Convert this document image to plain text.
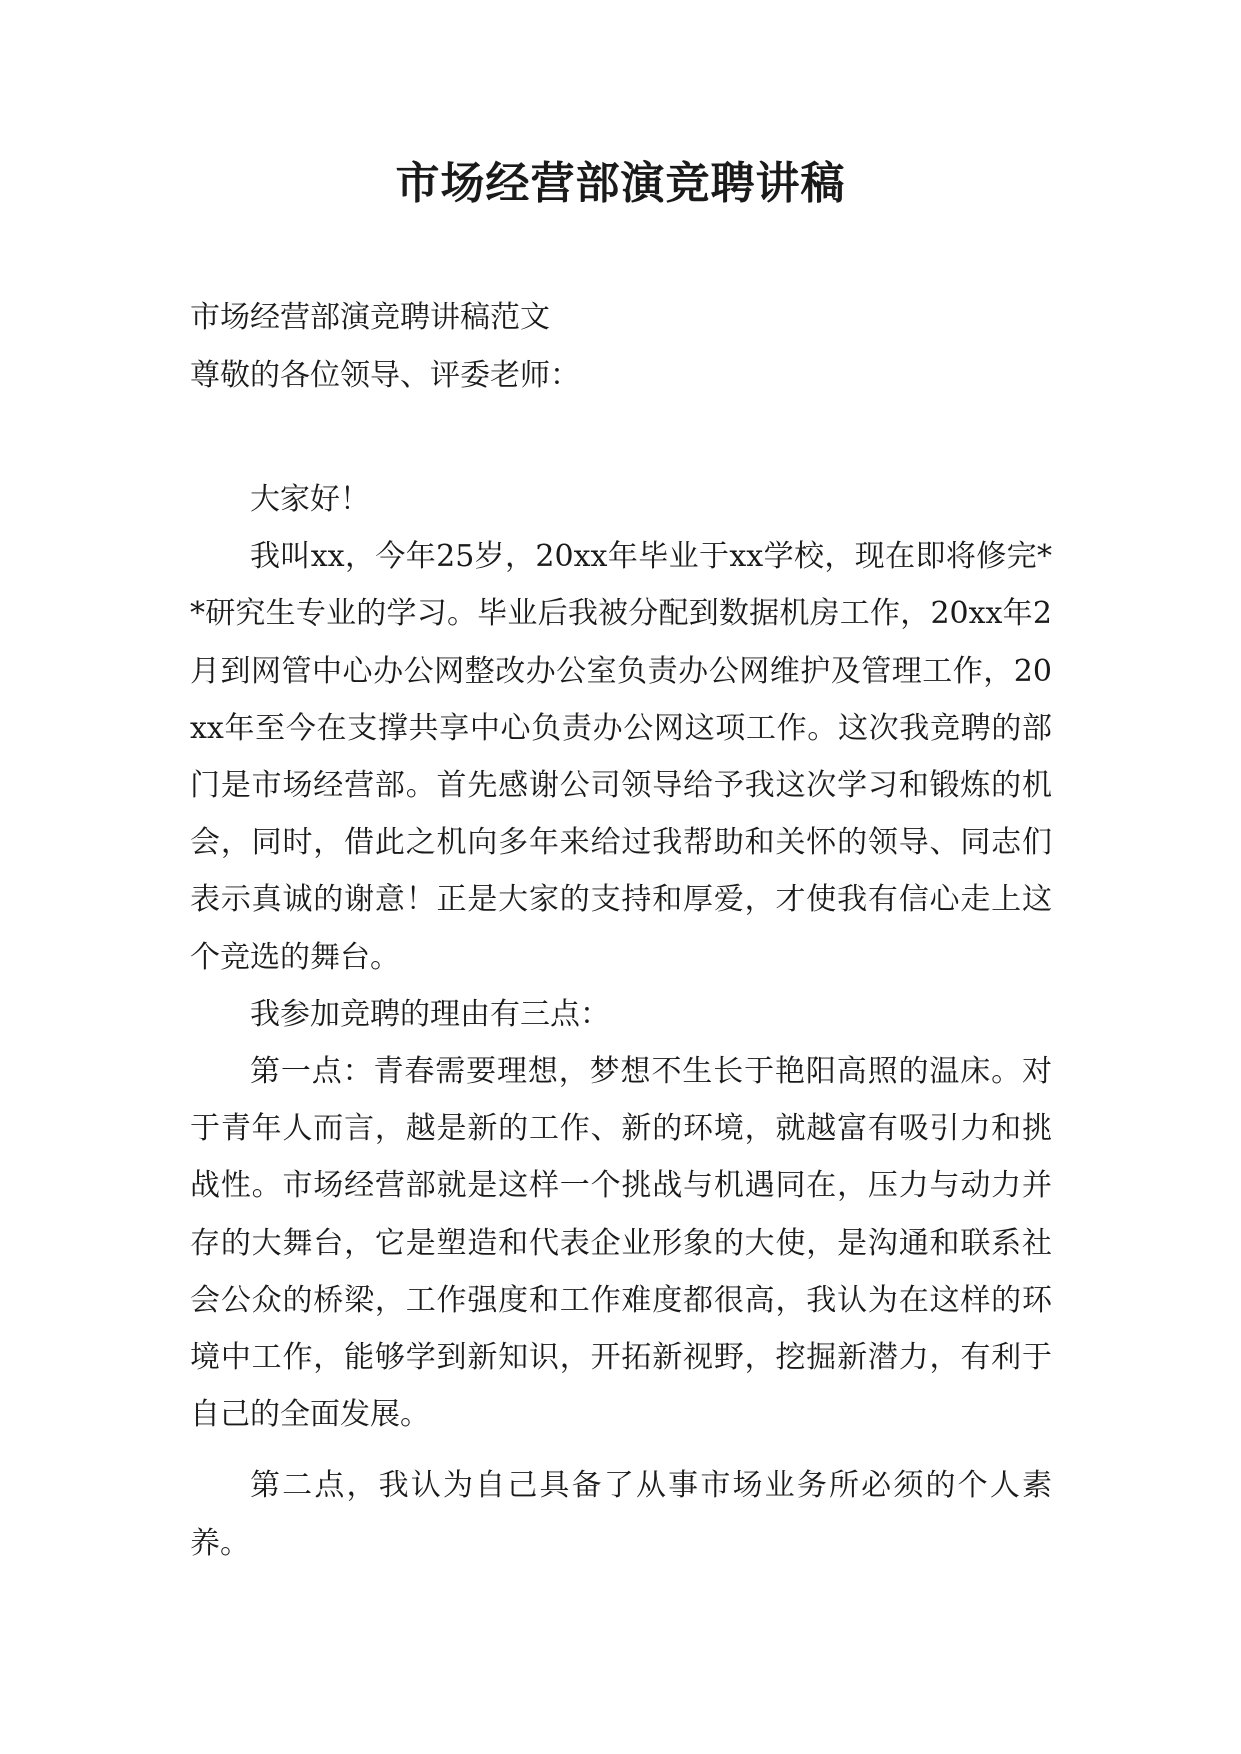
市场经营部演竞聘讲稿

市场经营部演竞聘讲稿范文

尊敬的各位领导、评委老师：

大家好！

我叫xx，今年25岁，20xx年毕业于xx学校，现在即将修完**研究生专业的学习。毕业后我被分配到数据机房工作，20xx年2月到网管中心办公网整改办公室负责办公网维护及管理工作，20xx年至今在支撑共享中心负责办公网这项工作。这次我竞聘的部门是市场经营部。首先感谢公司领导给予我这次学习和锻炼的机会，同时，借此之机向多年来给过我帮助和关怀的领导、同志们表示真诚的谢意！正是大家的支持和厚爱，才使我有信心走上这个竞选的舞台。

我参加竞聘的理由有三点：

第一点：青春需要理想，梦想不生长于艳阳高照的温床。对于青年人而言，越是新的工作、新的环境，就越富有吸引力和挑战性。市场经营部就是这样一个挑战与机遇同在，压力与动力并存的大舞台，它是塑造和代表企业形象的大使，是沟通和联系社会公众的桥梁，工作强度和工作难度都很高，我认为在这样的环境中工作，能够学到新知识，开拓新视野，挖掘新潜力，有利于自己的全面发展。

第二点，我认为自己具备了从事市场业务所必须的个人素养。
